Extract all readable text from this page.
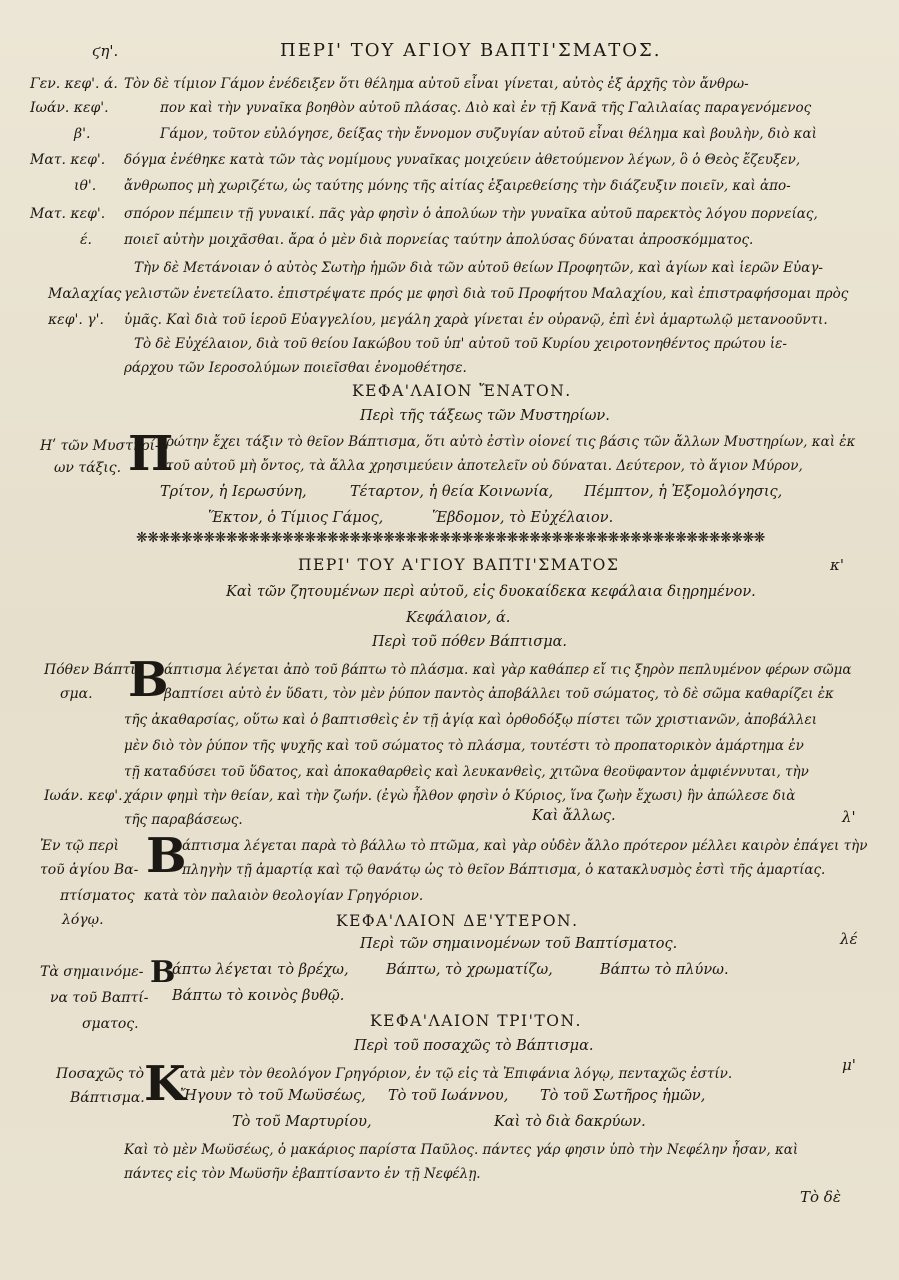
ϛη'.	ΠΕΡΙ' ΤΟΥ ΑΓΙΟΥ ΒΑΠΤΙ'ΣΜΑΤΟΣ.
Γεν. κεφ'. ά.
Ιωάν. κεφ'.
β'.
Ματ. κεφ'.
ιθ'.
Ματ. κεφ'.
έ.
Μαλαχίας
κεφ'. γ'.
Τὸν δὲ τίμιον Γάμον ἐνέδειξεν ὅτι θέλημα αὐτοῦ εἶναι γίνεται, αὐτὸς ἐξ ἀρχῆς τὸν ἄνθρω-
πον καὶ τὴν γυναῖκα βοηθὸν αὐτοῦ πλάσας. Διὸ καὶ ἐν τῇ Κανᾶ τῆς Γαλιλαίας παραγενόμενος
Γάμον, τοῦτον εὐλόγησε, δείξας τὴν ἔννομον συζυγίαν αὐτοῦ εἶναι θέλημα καὶ βουλὴν, διὸ καὶ
δόγμα ἐνέθηκε κατὰ τῶν τὰς νομίμους γυναῖκας μοιχεύειν ἀθετούμενον λέγων, ὃ ὁ Θεὸς ἔζευξεν,
ἄνθρωπος μὴ χωριζέτω, ὡς ταύτης μόνης τῆς αἰτίας ἐξαιρεθείσης τὴν διάζευξιν ποιεῖν, καὶ ἀπο-
σπόρον πέμπειν τῇ γυναικί. πᾶς γὰρ φησὶν ὁ ἀπολύων τὴν γυναῖκα αὐτοῦ παρεκτὸς λόγου πορνείας,
ποιεῖ αὐτὴν μοιχᾶσθαι. ἄρα ὁ μὲν διὰ πορνείας ταύτην ἀπολύσας δύναται ἀπροσκόμματος.
Τὴν δὲ Μετάνοιαν ὁ αὐτὸς Σωτὴρ ἡμῶν διὰ τῶν αὐτοῦ θείων Προφητῶν, καὶ ἁγίων καὶ ἱερῶν Εὐαγ-
γελιστῶν ἐνετείλατο. ἐπιστρέψατε πρός με φησὶ διὰ τοῦ Προφήτου Μαλαχίου, καὶ ἐπιστραφήσομαι πρὸς
ὑμᾶς. Καὶ διὰ τοῦ ἱεροῦ Εὐαγγελίου, μεγάλη χαρὰ γίνεται ἐν οὐρανῷ, ἐπὶ ἑνὶ ἁμαρτωλῷ μετανοοῦντι.
Τὸ δὲ Εὐχέλαιον, διὰ τοῦ θείου Ιακώβου τοῦ ὑπ' αὐτοῦ τοῦ Κυρίου χειροτονηθέντος πρώτου ἱε-
ράρχου τῶν Ιεροσολύμων ποιεῖσθαι ἐνομοθέτησε.
ΚΕΦΑ'ΛΑΙΟΝ ἜΝΑΤΟΝ.
Περὶ τῆς τάξεως τῶν Μυστηρίων.
Ηʹ τῶν Μυστηρί-
ων τάξις. Π
ρώτην ἔχει τάξιν τὸ θεῖον Βάπτισμα, ὅτι αὐτὸ ἐστὶν οἱονεί τις βάσις τῶν ἄλλων Μυστηρίων, καὶ ἐκ
τοῦ αὐτοῦ μὴ ὄντος, τὰ ἄλλα χρησιμεύειν ἀποτελεῖν οὐ δύναται. Δεύτερον, τὸ ἅγιον Μύρον,
Τρίτον, ἡ Ιερωσύνη,	Τέταρτον, ἡ θεία Κοινωνία, Πέμπτον, ἡ Ἐξομολόγησις,
Ἕκτον, ὁ Τίμιος Γάμος,	Ἕβδομον, τὸ Εὐχέλαιον.
❋❋❋❋❋❋❋❋❋❋❋❋❋❋❋❋❋❋❋❋❋❋❋❋❋❋❋❋❋❋❋❋❋❋❋❋❋❋❋❋❋❋❋❋❋❋❋❋❋❋❋❋❋❋❋❋
ΠΕΡΙ' ΤΟΥ Α'ΓΙΟΥ ΒΑΠΤΙ'ΣΜΑΤΟΣ	κ'
Καὶ τῶν ζητουμένων περὶ αὐτοῦ, εἰς δυοκαίδεκα κεφάλαια διῃρημένον.
Κεφάλαιον, ά.
Περὶ τοῦ πόθεν Βάπτισμα.
Πόθεν Βάπτι-
σμα. Β
άπτισμα λέγεται ἀπὸ τοῦ βάπτω τὸ πλάσμα. καὶ γὰρ καθάπερ εἴ τις ξηρὸν πεπλυμένον φέρων σῶμα
βαπτίσει αὐτὸ ἐν ὕδατι, τὸν μὲν ῥύπον παντὸς ἀποβάλλει τοῦ σώματος, τὸ δὲ σῶμα καθαρίζει ἐκ
τῆς ἀκαθαρσίας, οὕτω καὶ ὁ βαπτισθεὶς ἐν τῇ ἁγίᾳ καὶ ὀρθοδόξῳ πίστει τῶν χριστιανῶν, ἀποβάλλει
μὲν διὸ τὸν ῥύπον τῆς ψυχῆς καὶ τοῦ σώματος τὸ πλάσμα, τουτέστι τὸ προπατορικὸν ἁμάρτημα ἐν
τῇ καταδύσει τοῦ ὕδατος, καὶ ἀποκαθαρθεὶς καὶ λευκανθεὶς, χιτῶνα θεοϋφαντον ἀμφιέννυται, τὴν
Ιωάν. κεφ'. χάριν φημὶ τὴν θείαν, καὶ τὴν ζωήν. (ἐγὼ ἦλθον φησὶν ὁ Κύριος, ἵνα ζωὴν ἔχωσι) ἣν ἀπώλεσε διὰ
τῆς παραβάσεως.	Καὶ ἄλλως.	λ'
Ἐν τῷ περὶ
τοῦ ἁγίου Βα-
πτίσματος
λόγῳ.
Β
άπτισμα λέγεται παρὰ τὸ βάλλω τὸ πτῶμα, καὶ γὰρ οὐδὲν ἄλλο πρότερον μέλλει καιρὸν ἐπάγει τὴν
πληγὴν τῇ ἁμαρτίᾳ καὶ τῷ θανάτῳ ὡς τὸ θεῖον Βάπτισμα, ὁ κατακλυσμὸς ἐστὶ τῆς ἁμαρτίας.
κατὰ τὸν παλαιὸν θεολογίαν Γρηγόριον.
ΚΕΦΑ'ΛΑΙΟΝ ΔΕ'ΥΤΕΡΟΝ.
Περὶ τῶν σημαινομένων τοῦ Βαπτίσματος.	λέ
Τὰ σημαινόμε-
να τοῦ Βαπτί-
σματος.
Β
άπτω λέγεται τὸ βρέχω,	Βάπτω, τὸ χρωματίζω,	Βάπτω τὸ πλύνω.
Βάπτω τὸ κοινὸς βυθῷ.
ΚΕΦΑ'ΛΑΙΟΝ ΤΡΙ'ΤΟΝ.
Περὶ τοῦ ποσαχῶς τὸ Βάπτισμα.
μ'
Ποσαχῶς τὸ
Βάπτισμα. Κ
ατὰ μὲν τὸν θεολόγον Γρηγόριον, ἐν τῷ εἰς τὰ Ἐπιφάνια λόγῳ, πενταχῶς ἐστίν.
Ἤγουν τὸ τοῦ Μωϋσέως, Τὸ τοῦ Ιωάννου, Τὸ τοῦ Σωτῆρος ἡμῶν,
Τὸ τοῦ Μαρτυρίου,	Καὶ τὸ διὰ δακρύων.
Καὶ τὸ μὲν Μωϋσέως, ὁ μακάριος παρίστα Παῦλος. πάντες γάρ φησιν ὑπὸ τὴν Νεφέλην ἦσαν, καὶ
πάντες εἰς τὸν Μωϋσῆν ἐβαπτίσαντο ἐν τῇ Νεφέλῃ.
Τὸ δὲ
